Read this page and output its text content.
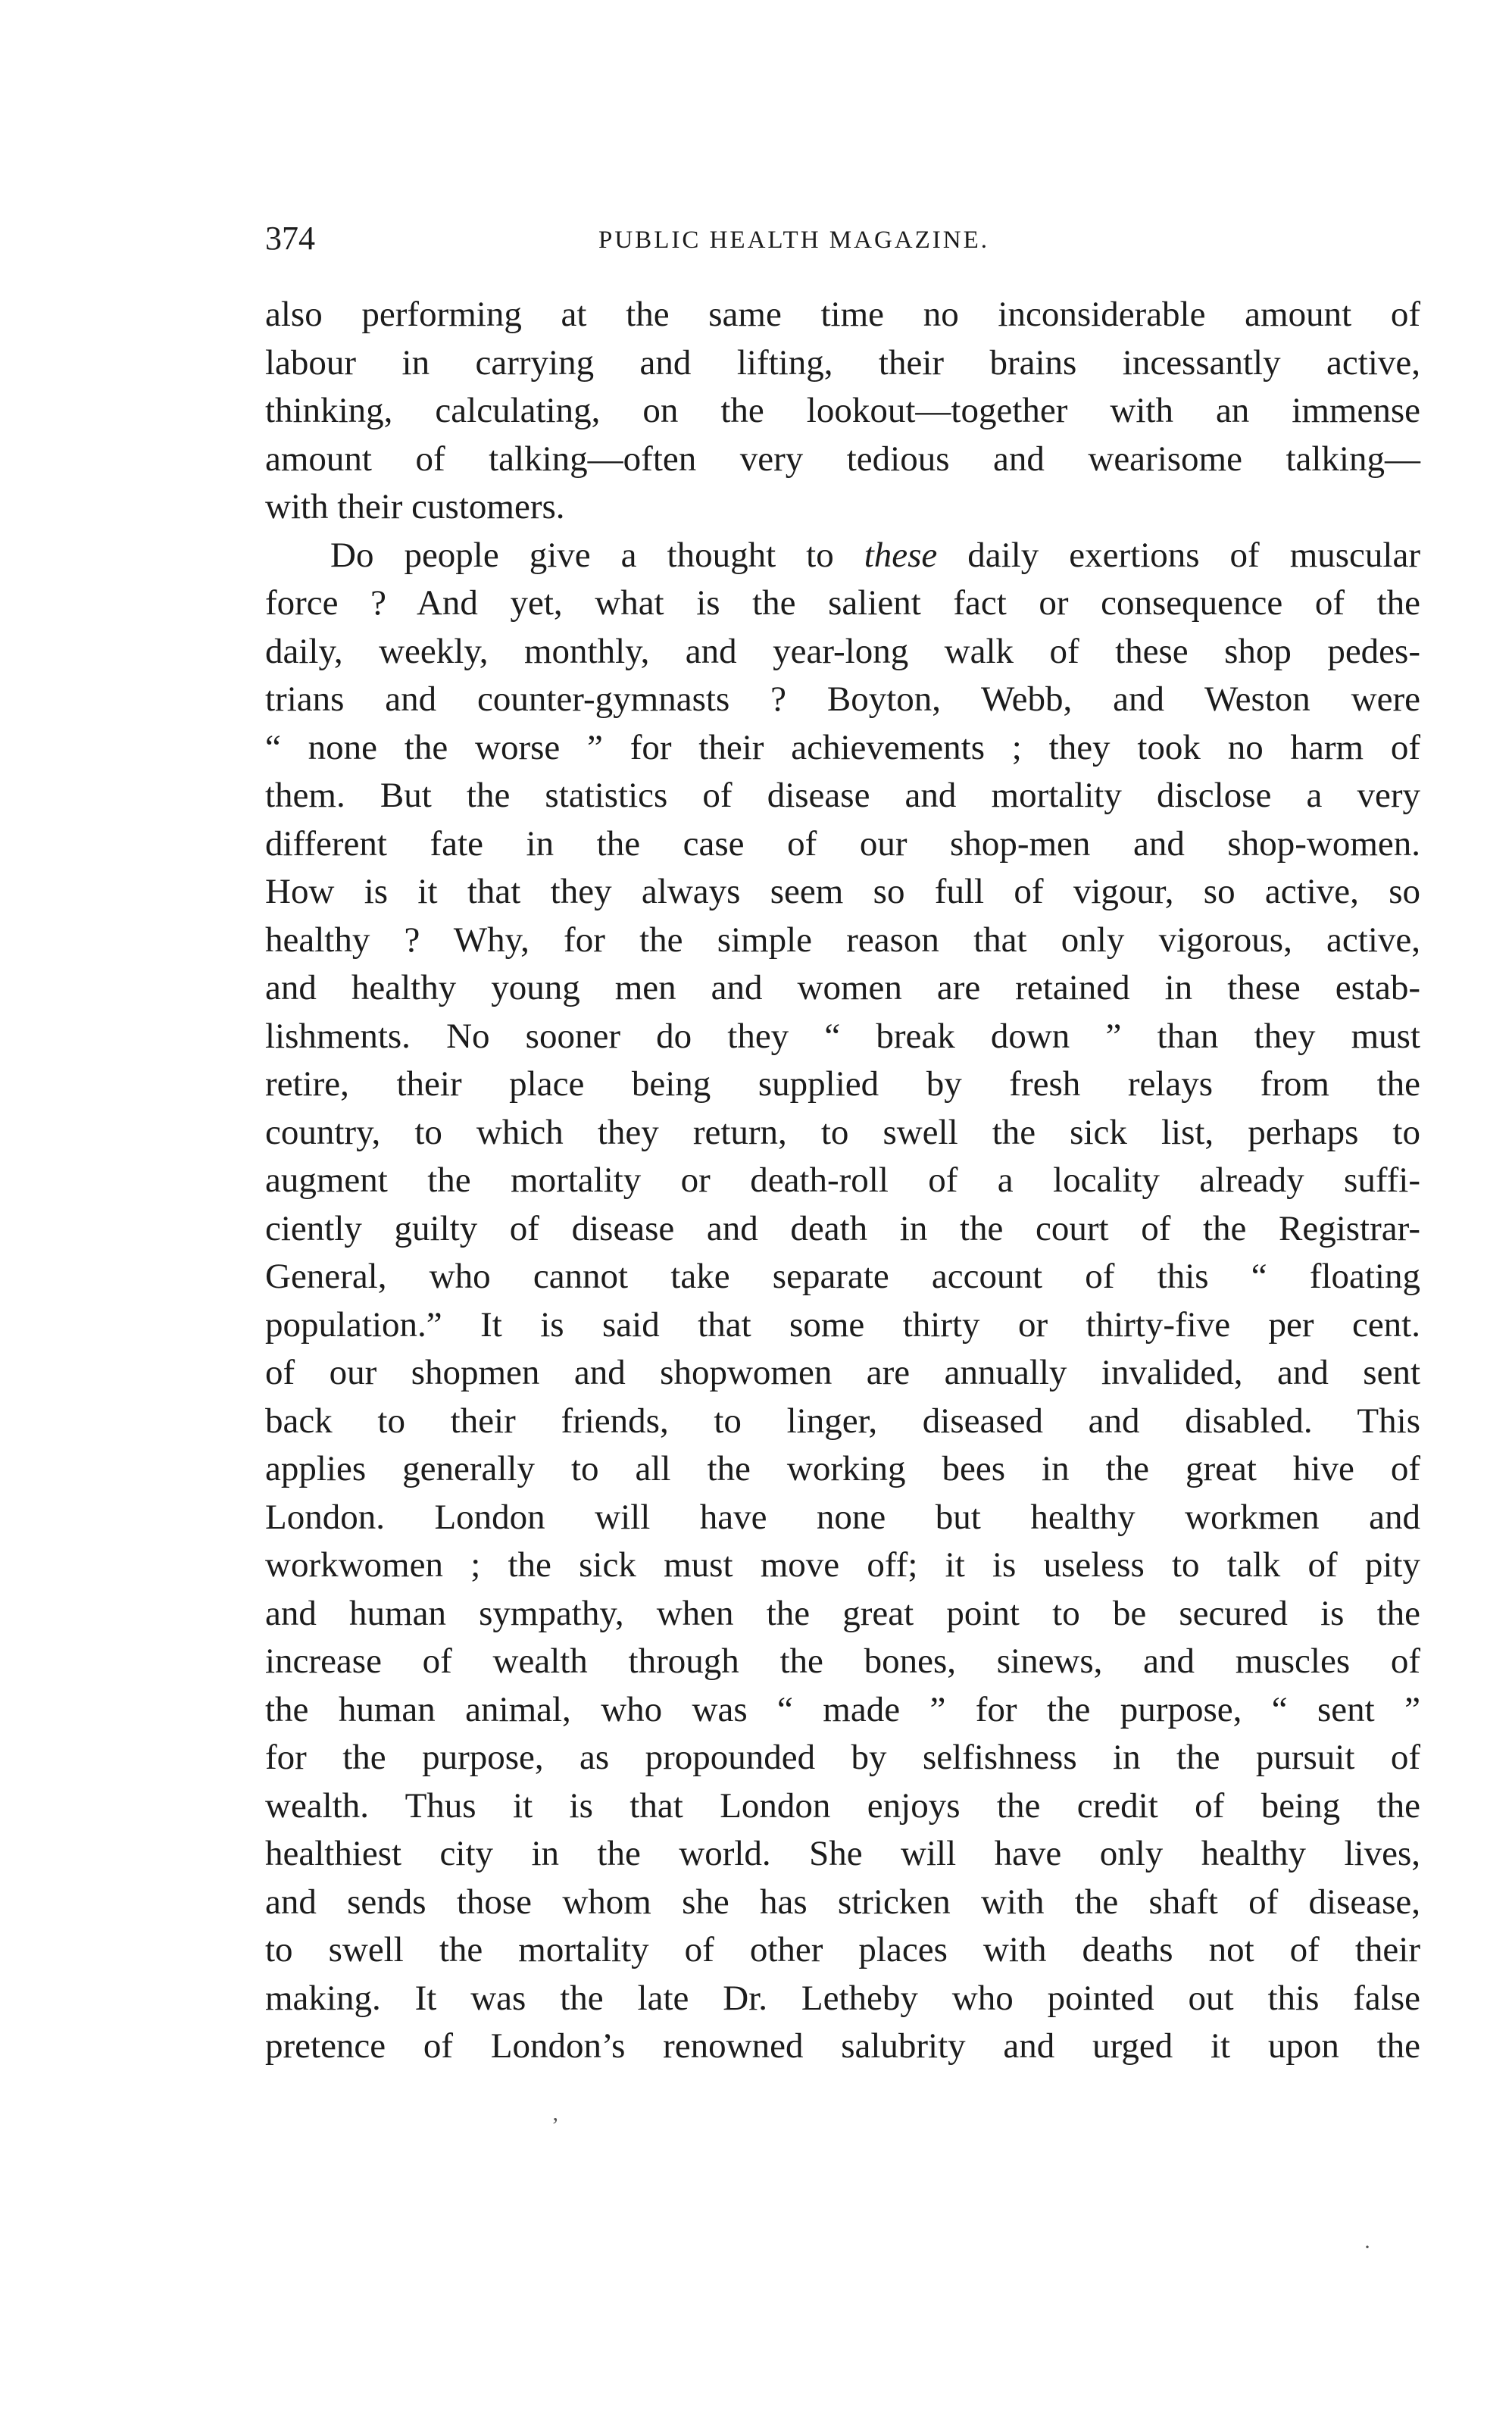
374	PUBLIC HEALTH MAGAZINE.
also performing at the same time no inconsiderable amount of
labour in carrying and lifting, their brains incessantly active,
thinking, calculating, on the lookout—together with an immense
amount of talking—often very tedious and wearisome talking—
with their customers.
Do people give a thought to these daily exertions of muscular
force ? And yet, what is the salient fact or consequence of the
daily, weekly, monthly, and year-long walk of these shop pedes-
trians and counter-gymnasts ? Boyton, Webb, and Weston were
“ none the worse ” for their achievements ; they took no harm of
them. But the statistics of disease and mortality disclose a very
different fate in the case of our shop-men and shop-women.
How is it that they always seem so full of vigour, so active, so
healthy ? Why, for the simple reason that only vigorous, active,
and healthy young men and women are retained in these estab-
lishments. No sooner do they “ break down ” than they must
retire, their place being supplied by fresh relays from the
country, to which they return, to swell the sick list, perhaps to
augment the mortality or death-roll of a locality already suffi-
ciently guilty of disease and death in the court of the Registrar-
General, who cannot take separate account of this “ floating
population.” It is said that some thirty or thirty-five per cent.
of our shopmen and shopwomen are annually invalided, and sent
back to their friends, to linger, diseased and disabled. This
applies generally to all the working bees in the great hive of
London. London will have none but healthy workmen and
workwomen ; the sick must move off; it is useless to talk of pity
and human sympathy, when the great point to be secured is the
increase of wealth through the bones, sinews, and muscles of
the human animal, who was “ made ” for the purpose, “ sent ”
for the purpose, as propounded by selfishness in the pursuit of
wealth. Thus it is that London enjoys the credit of being the
healthiest city in the world. She will have only healthy lives,
and sends those whom she has stricken with the shaft of disease,
to swell the mortality of other places with deaths not of their
making. It was the late Dr. Letheby who pointed out this false
pretence of London’s renowned salubrity and urged it upon the
ʼ
·
